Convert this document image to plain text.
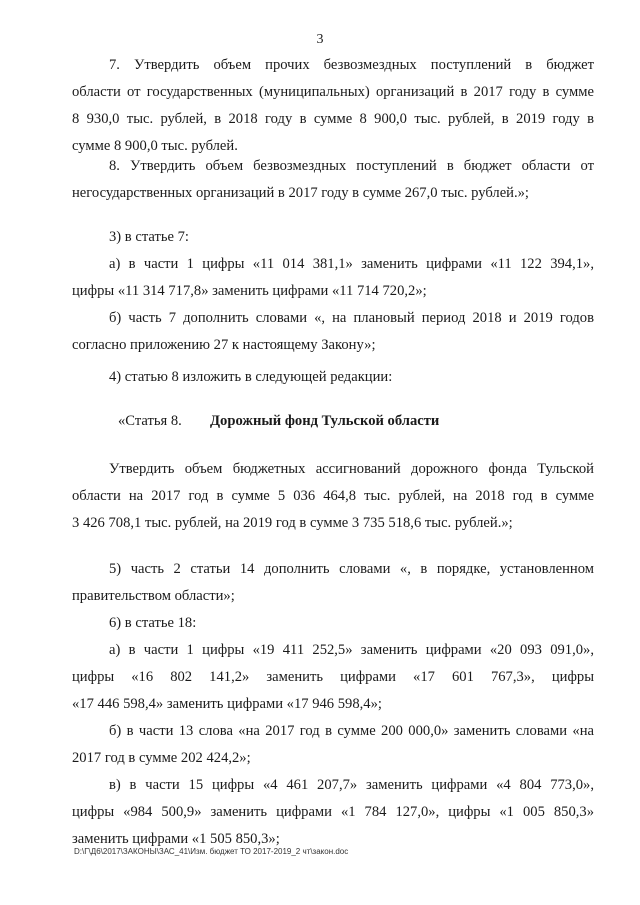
3

7. Утвердить объем прочих безвозмездных поступлений в бюджет

области от государственных (муниципальных) организаций в 2017 году в сумме

8 930,0 тыс. рублей, в 2018 году в сумме 8 900,0 тыс. рублей, в 2019 году в

сумме 8 900,0 тыс. рублей.

8. Утвердить объем безвозмездных поступлений в бюджет области от

негосударственных организаций в 2017 году в сумме 267,0 тыс. рублей.»;

3) в статье 7:

а) в части 1 цифры «11 014 381,1» заменить цифрами «11 122 394,1»,

цифры «11 314 717,8» заменить цифрами «11 714 720,2»;

б) часть 7 дополнить словами «, на плановый период 2018 и 2019 годов

согласно приложению 27 к настоящему Закону»;

4) статью 8 изложить в следующей редакции:

«Статья 8. Дорожный фонд Тульской области

Утвердить объем бюджетных ассигнований дорожного фонда Тульской

области на 2017 год в сумме 5 036 464,8 тыс. рублей, на 2018 год в сумме

3 426 708,1 тыс. рублей, на 2019 год в сумме 3 735 518,6 тыс. рублей.»;

5) часть 2 статьи 14 дополнить словами «, в порядке, установленном

правительством области»;

6) в статье 18:

а) в части 1 цифры «19 411 252,5» заменить цифрами «20 093 091,0»,

цифры «16 802 141,2» заменить цифрами «17 601 767,3», цифры

«17 446 598,4» заменить цифрами «17 946 598,4»;

б) в части 13 слова «на 2017 год в сумме 200 000,0» заменить словами «на

2017 год в сумме 202 424,2»;

в) в части 15 цифры «4 461 207,7» заменить цифрами «4 804 773,0»,

цифры «984 500,9» заменить цифрами «1 784 127,0», цифры «1 005 850,3»

заменить цифрами «1 505 850,3»;

D:\Г\Д6\2017\ЗАКОНЫ\ЗАС_41\Изм. бюджет ТО 2017-2019_2 чт\закон.doc
